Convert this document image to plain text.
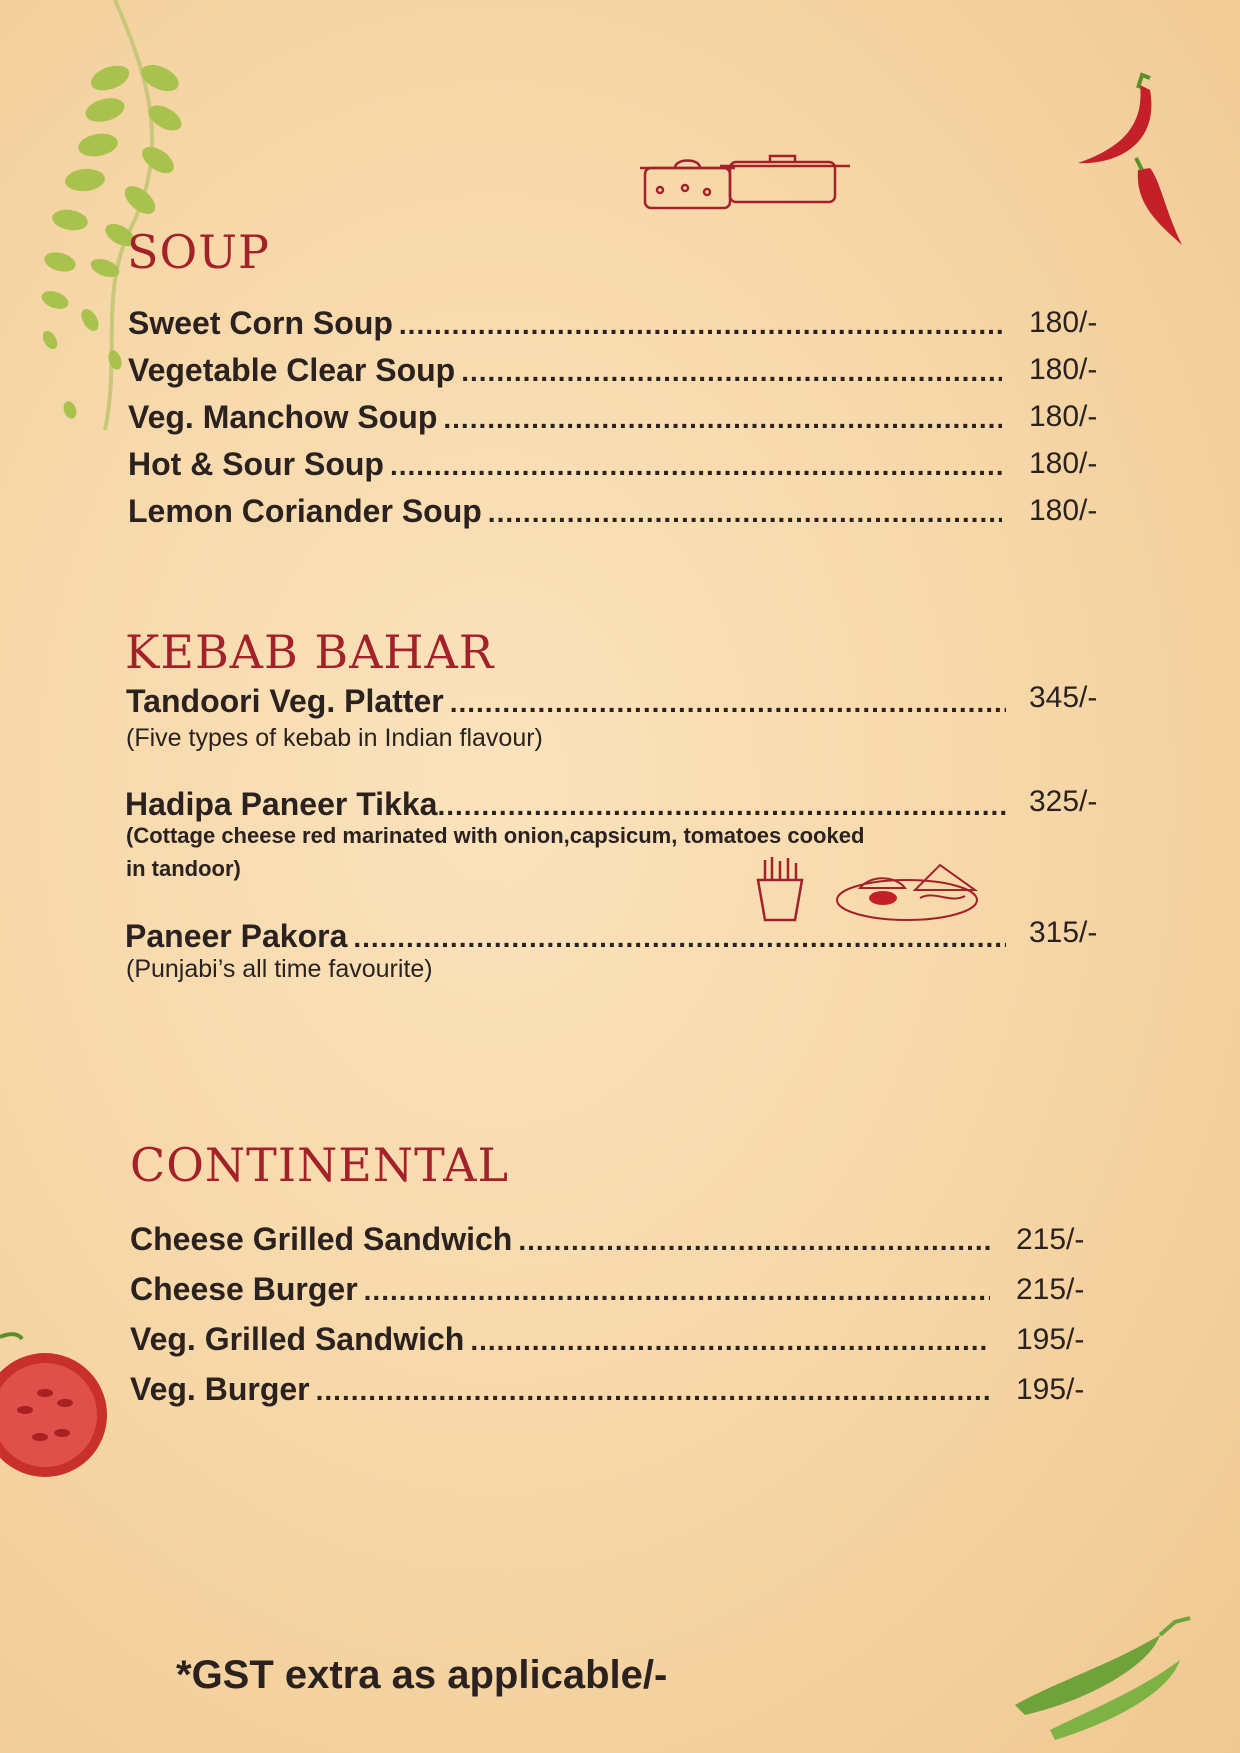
SOUP
Sweet Corn Soup .....	180/-
Vegetable Clear Soup .....	180/-
Veg. Manchow Soup .....	180/-
Hot & Sour Soup .....	180/-
Lemon Coriander Soup .....	180/-
KEBAB BAHAR
Tandoori Veg. Platter .....	345/-
(Five types of kebab in Indian flavour)
Hadipa Paneer Tikka .....	325/-
(Cottage cheese red marinated with onion,capsicum, tomatoes cooked in tandoor)
Paneer Pakora .....	315/-
(Punjabi’s all time favourite)
CONTINENTAL
Cheese Grilled Sandwich .....	215/-
Cheese Burger .....	215/-
Veg. Grilled Sandwich .....	195/-
Veg. Burger .....	195/-
*GST extra as applicable/-
